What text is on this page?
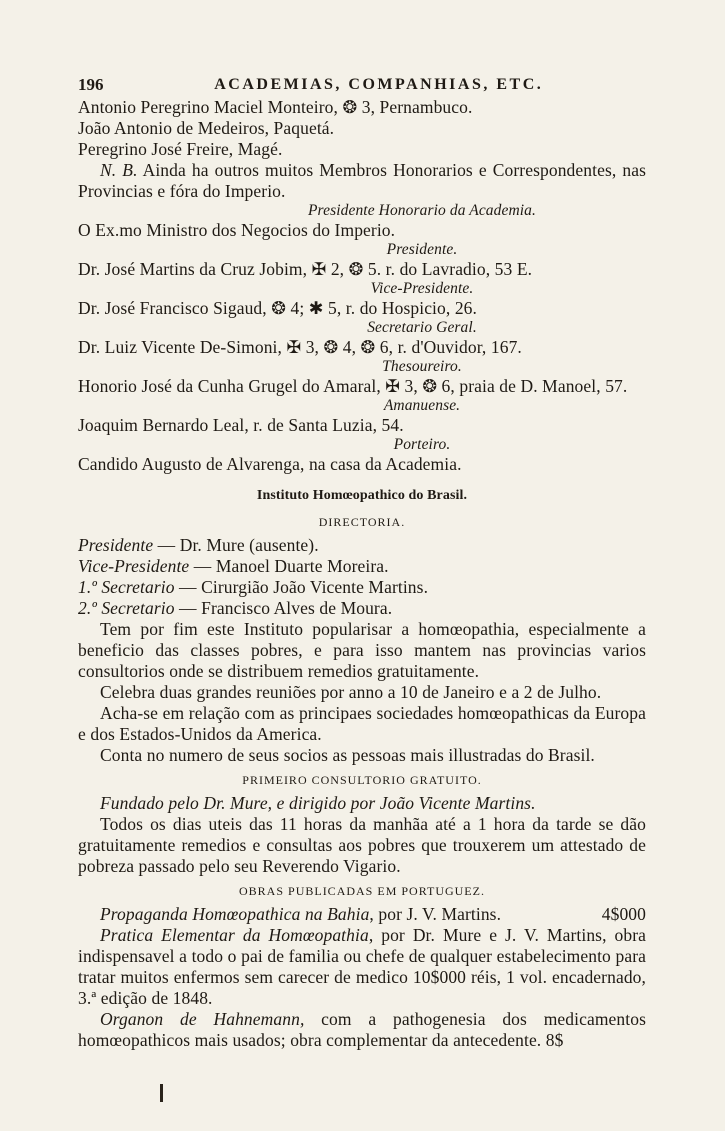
196	ACADEMIAS, COMPANHIAS, ETC.

Antonio Peregrino Maciel Monteiro, ❂ 3, Pernambuco.

João Antonio de Medeiros, Paquetá.

Peregrino José Freire, Magé.

N. B. Ainda ha outros muitos Membros Honorarios e Correspondentes, nas Provincias e fóra do Imperio.

Presidente Honorario da Academia.

O Ex.mo Ministro dos Negocios do Imperio.

Presidente.

Dr. José Martins da Cruz Jobim, ✠ 2, ❂ 5. r. do Lavradio, 53 E.

Vice-Presidente.

Dr. José Francisco Sigaud, ❂ 4; ✱ 5, r. do Hospicio, 26.

Secretario Geral.

Dr. Luiz Vicente De-Simoni, ✠ 3, ❂ 4, ❂ 6, r. d'Ouvidor, 167.

Thesoureiro.

Honorio José da Cunha Grugel do Amaral, ✠ 3, ❂ 6, praia de D. Manoel, 57.

Amanuense.

Joaquim Bernardo Leal, r. de Santa Luzia, 54.

Porteiro.

Candido Augusto de Alvarenga, na casa da Academia.

Instituto Homœopathico do Brasil.
DIRECTORIA.

Presidente — Dr. Mure (ausente).

Vice-Presidente — Manoel Duarte Moreira.

1.º Secretario — Cirurgião João Vicente Martins.

2.º Secretario — Francisco Alves de Moura.

Tem por fim este Instituto popularisar a homœopathia, especialmente a beneficio das classes pobres, e para isso mantem nas provincias varios consultorios onde se distribuem remedios gratuitamente.

Celebra duas grandes reuniões por anno a 10 de Janeiro e a 2 de Julho.

Acha-se em relação com as principaes sociedades homœopathicas da Europa e dos Estados-Unidos da America.

Conta no numero de seus socios as pessoas mais illustradas do Brasil.

PRIMEIRO CONSULTORIO GRATUITO.

Fundado pelo Dr. Mure, e dirigido por João Vicente Martins.

Todos os dias uteis das 11 horas da manhãa até a 1 hora da tarde se dão gratuitamente remedios e consultas aos pobres que trouxerem um attestado de pobreza passado pelo seu Reverendo Vigario.

OBRAS PUBLICADAS EM PORTUGUEZ.

Propaganda Homœopathica na Bahia, por J. V. Martins.	4$000

Pratica Elementar da Homœopathia, por Dr. Mure e J. V. Martins, obra indispensavel a todo o pai de familia ou chefe de qualquer estabelecimento para tratar muitos enfermos sem carecer de medico 10$000 réis, 1 vol. encadernado, 3.ª edição de 1848.

Organon de Hahnemann, com a pathogenesia dos medicamentos homœopathicos mais usados; obra complementar da antecedente. 8$
